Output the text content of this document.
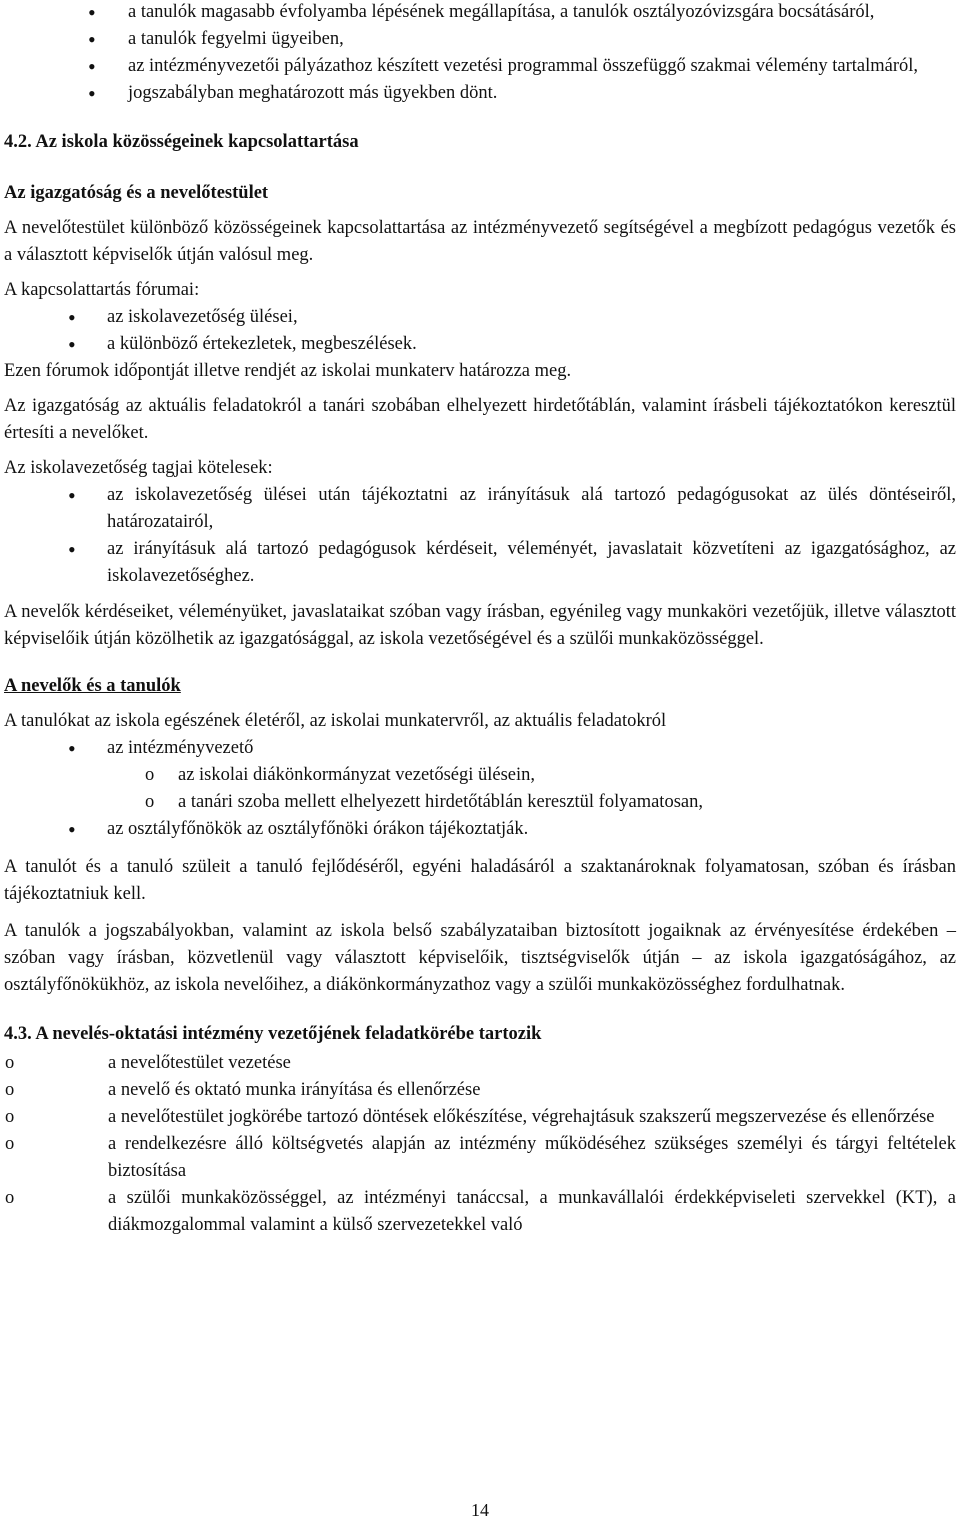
• a tanulók magasabb évfolyamba lépésének megállapítása, a tanulók osztályozóvizsgára bocsátásáról,
• a tanulók fegyelmi ügyeiben,
• az intézményvezetői pályázathoz készített vezetési programmal összefüggő szakmai vélemény tartalmáról,
• jogszabályban meghatározott más ügyekben dönt.

4.2. Az iskola közösségeinek kapcsolattartása

Az igazgatóság és a nevelőtestület

A nevelőtestület különböző közösségeinek kapcsolattartása az intézményvezető segítségével a megbízott pedagógus vezetők és a választott képviselők útján valósul meg.

A kapcsolattartás fórumai:

• az iskolavezetőség ülései,
• a különböző értekezletek, megbeszélések.

Ezen fórumok időpontját illetve rendjét az iskolai munkaterv határozza meg.

Az igazgatóság az aktuális feladatokról a tanári szobában elhelyezett hirdetőtáblán, valamint írásbeli tájékoztatókon keresztül értesíti a nevelőket.

Az iskolavezetőség tagjai kötelesek:

• az iskolavezetőség ülései után tájékoztatni az irányításuk alá tartozó pedagógusokat az ülés döntéseiről, határozatairól,
• az irányításuk alá tartozó pedagógusok kérdéseit, véleményét, javaslatait közvetíteni az igazgatósághoz, az iskolavezetőséghez.

A nevelők kérdéseiket, véleményüket, javaslataikat szóban vagy írásban, egyénileg vagy munkaköri vezetőjük, illetve választott képviselőik útján közölhetik az igazgatósággal, az iskola vezetőségével és a szülői munkaközösséggel.

A nevelők és a tanulók

A tanulókat az iskola egészének életéről, az iskolai munkatervről, az aktuális feladatokról

• az intézményvezető
o az iskolai diákönkormányzat vezetőségi ülésein,
o a tanári szoba mellett elhelyezett hirdetőtáblán keresztül folyamatosan,
• az osztályfőnökök az osztályfőnöki órákon tájékoztatják.

A tanulót és a tanuló szüleit a tanuló fejlődéséről, egyéni haladásáról a szaktanároknak folyamatosan, szóban és írásban tájékoztatniuk kell.

A tanulók a jogszabályokban, valamint az iskola belső szabályzataiban biztosított jogaiknak az érvényesítése érdekében – szóban vagy írásban, közvetlenül vagy választott képviselőik, tisztségviselők útján – az iskola igazgatóságához, az osztályfőnökükhöz, az iskola nevelőihez, a diákönkormányzathoz vagy a szülői munkaközösséghez fordulhatnak.

4.3. A nevelés-oktatási intézmény vezetőjének feladatkörébe tartozik

o a nevelőtestület vezetése
o a nevelő és oktató munka irányítása és ellenőrzése
o a nevelőtestület jogkörébe tartozó döntések előkészítése, végrehajtásuk szakszerű megszervezése és ellenőrzése
o a rendelkezésre álló költségvetés alapján az intézmény működéséhez szükséges személyi és tárgyi feltételek biztosítása
o a szülői munkaközösséggel, az intézményi tanáccsal, a munkavállalói érdekképviseleti szervekkel (KT), a diákmozgalommal valamint a külső szervezetekkel való
14
